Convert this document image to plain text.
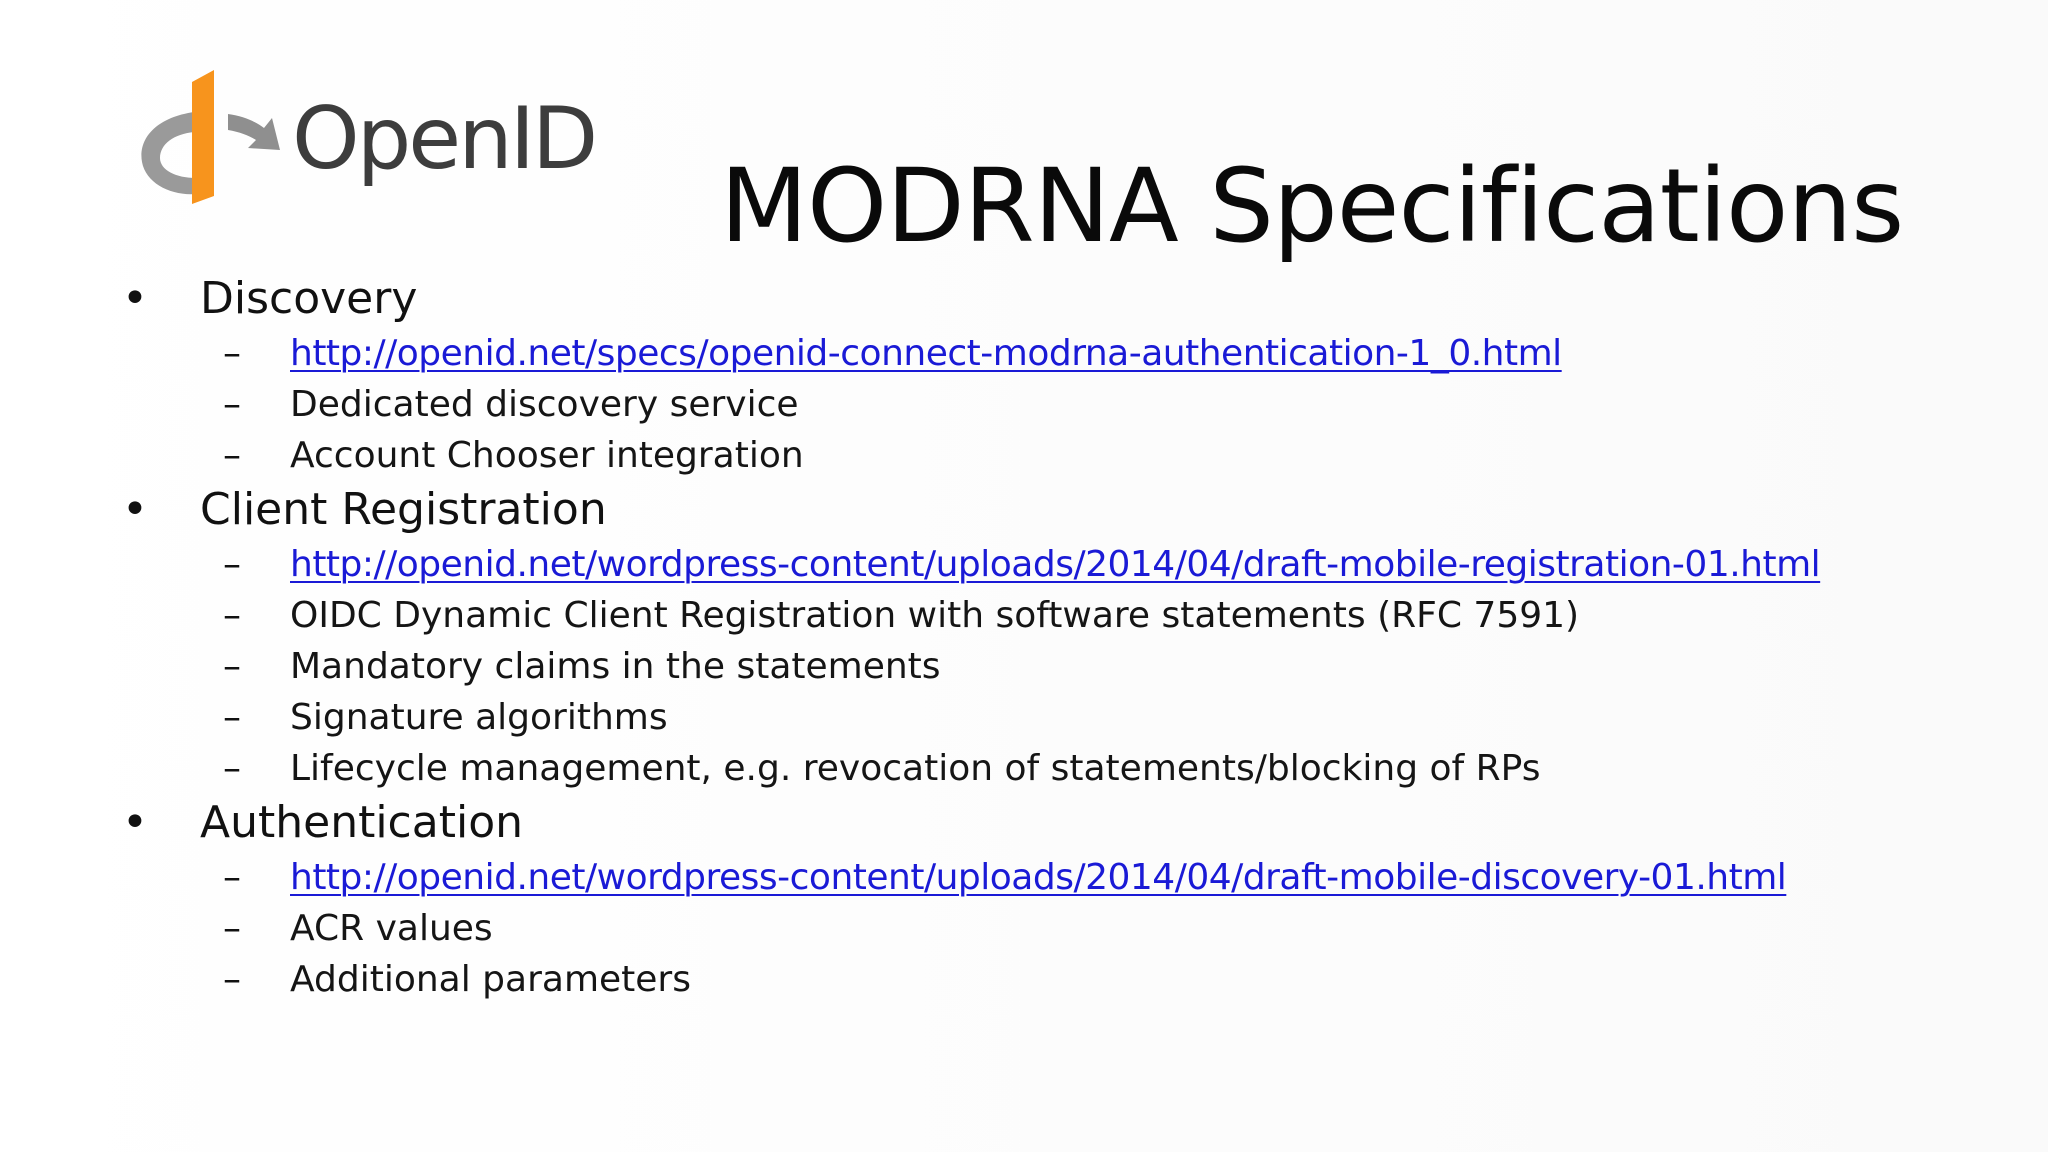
OpenID
MODRNA Specifications
• Discovery
– http://openid.net/specs/openid-connect-modrna-authentication-1_0.html
– Dedicated discovery service
– Account Chooser integration
• Client Registration
– http://openid.net/wordpress-content/uploads/2014/04/draft-mobile-registration-01.html
– OIDC Dynamic Client Registration with software statements (RFC 7591)
– Mandatory claims in the statements
– Signature algorithms
– Lifecycle management, e.g. revocation of statements/blocking of RPs
• Authentication
– http://openid.net/wordpress-content/uploads/2014/04/draft-mobile-discovery-01.html
– ACR values
– Additional parameters
